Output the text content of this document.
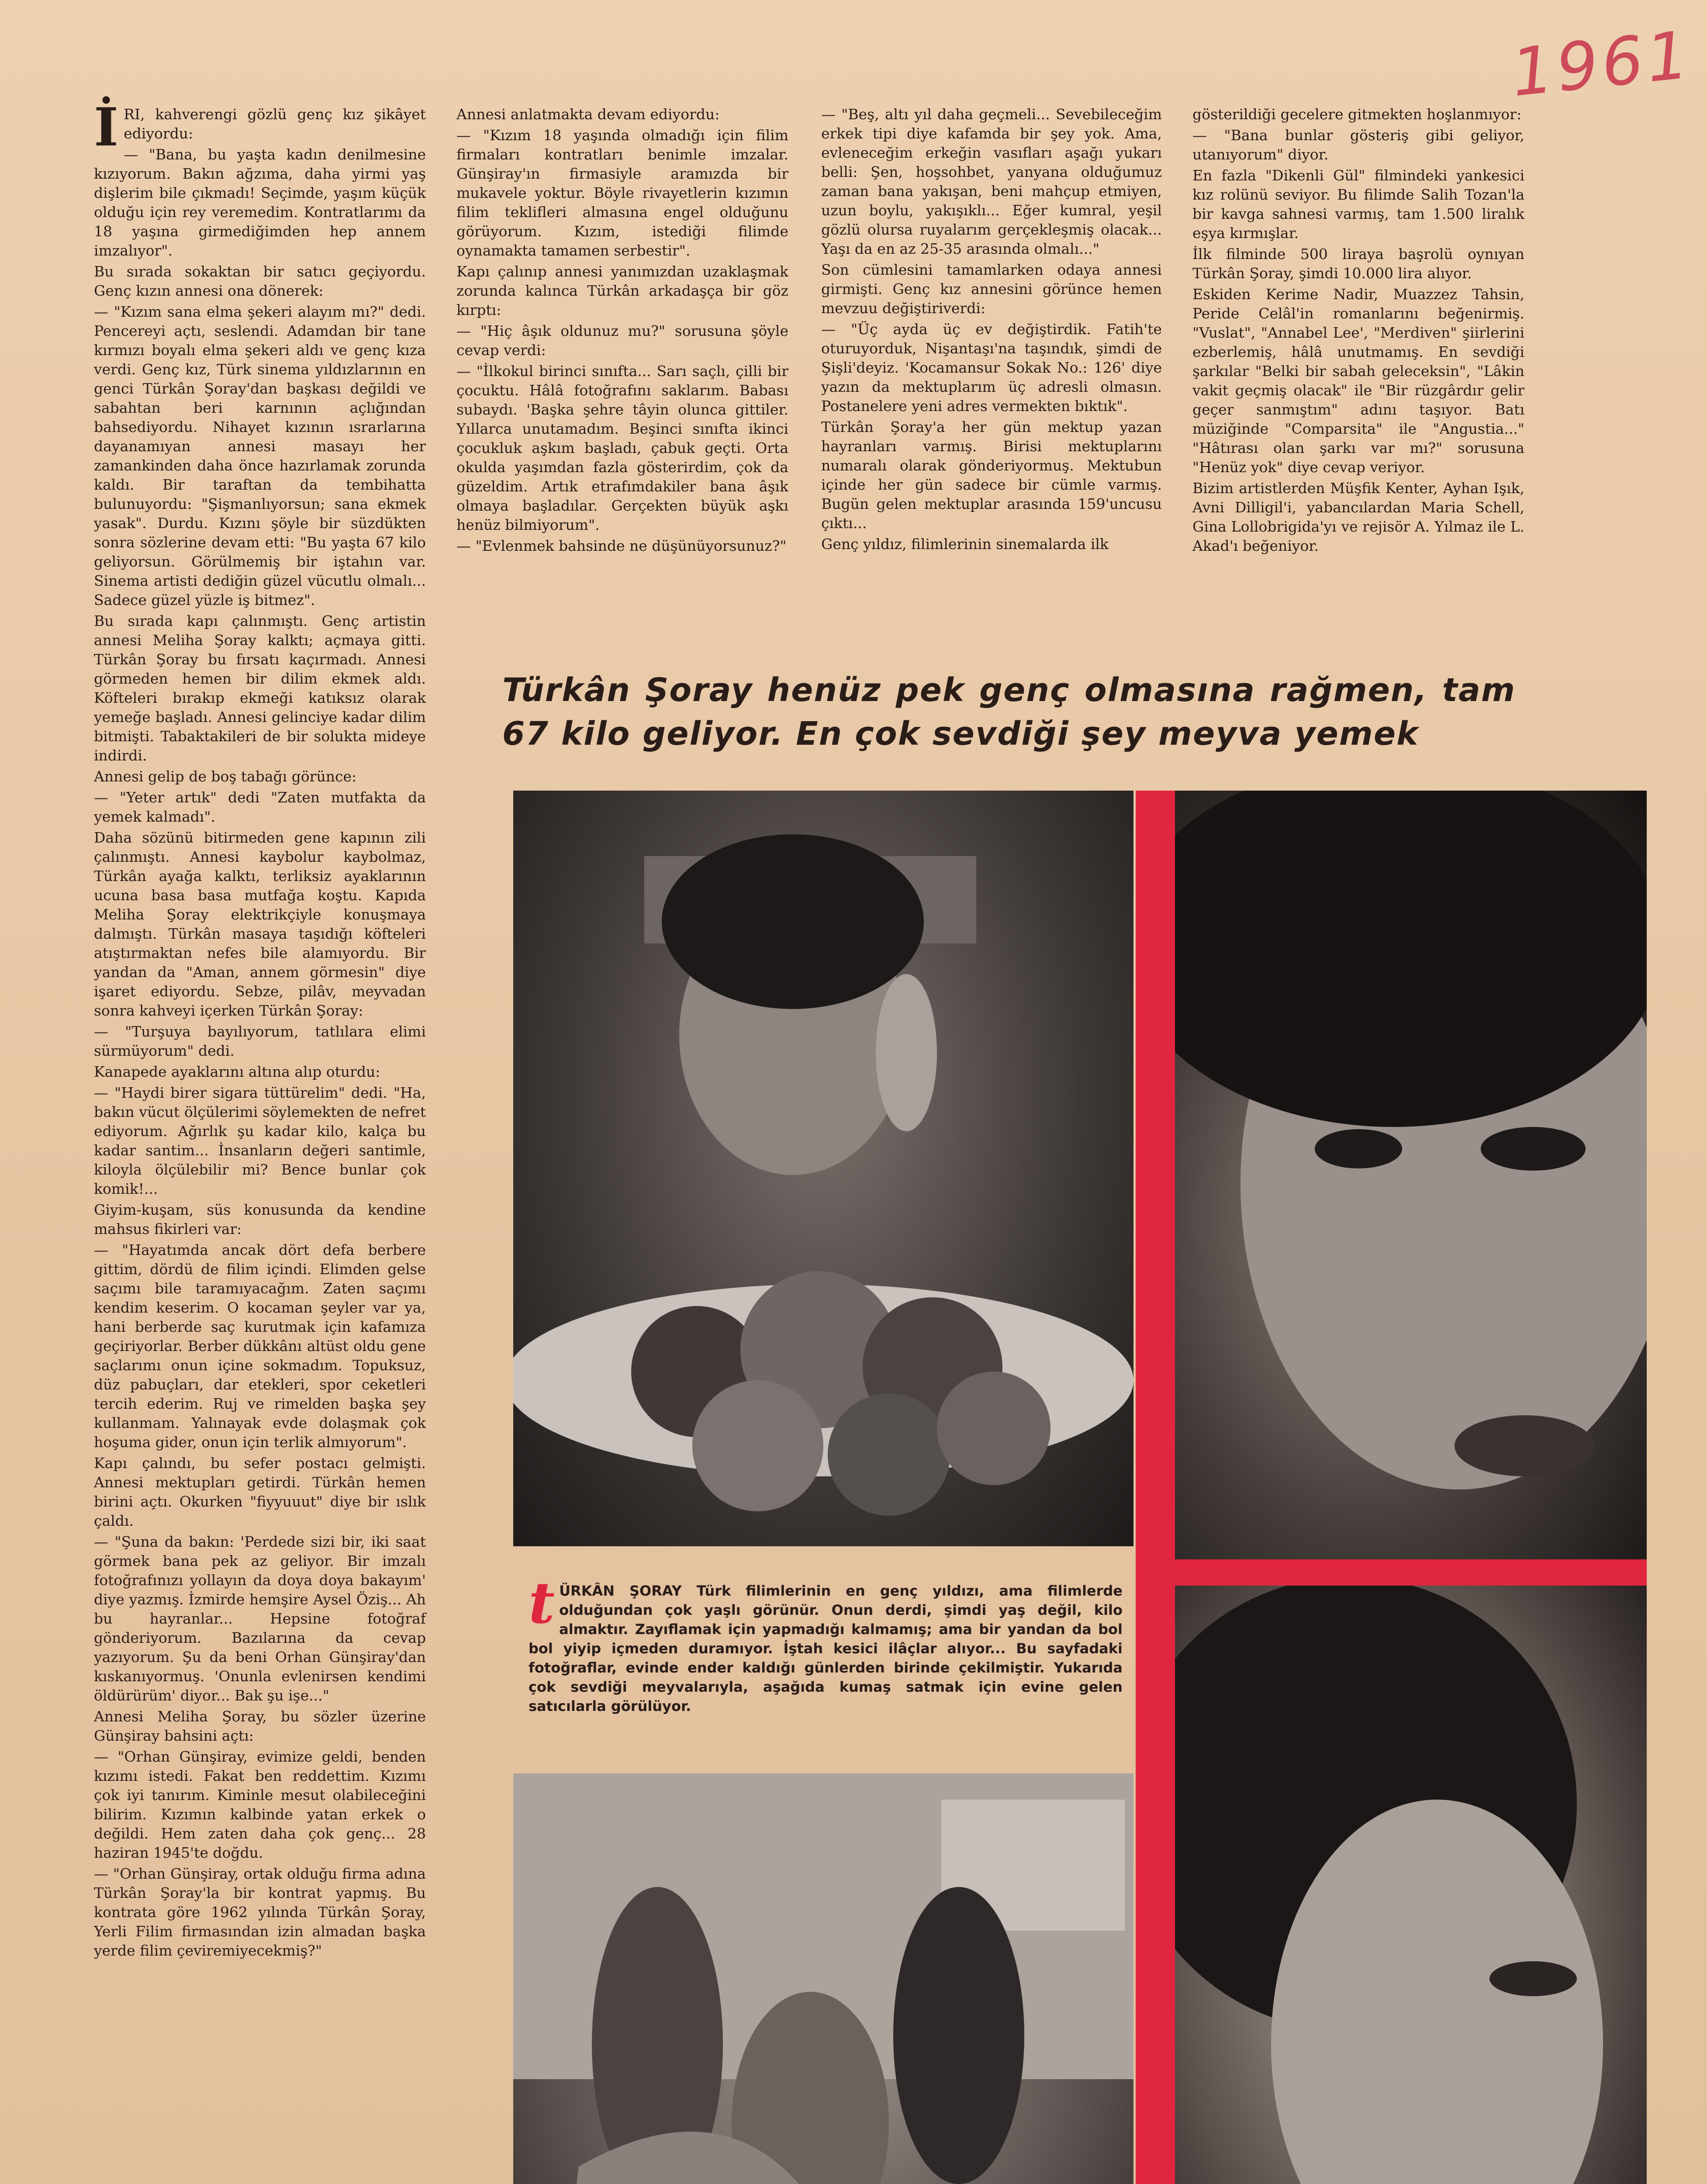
1961
İ RI, kahverengi gözlü genç kız şikâyet ediyordu:

— "Bana, bu yaşta kadın denilmesine kızıyorum. Bakın ağzıma, daha yirmi yaş dişlerim bile çıkmadı! Seçimde, yaşım küçük olduğu için rey veremedim. Kontratlarımı da 18 yaşına girmediğimden hep annem imzalıyor".

Bu sırada sokaktan bir satıcı geçiyordu. Genç kızın annesi ona dönerek:

— "Kızım sana elma şekeri alayım mı?" dedi. Pencereyi açtı, seslendi. Adamdan bir tane kırmızı boyalı elma şekeri aldı ve genç kıza verdi. Genç kız, Türk sinema yıldızlarının en genci Türkân Şoray'dan başkası değildi ve sabahtan beri karnının açlığından bahsediyordu. Nihayet kızının ısrarlarına dayanamıyan annesi masayı her zamankinden daha önce hazırlamak zorunda kaldı. Bir taraftan da tembihatta bulunuyordu: "Şişmanlıyorsun; sana ekmek yasak". Durdu. Kızını şöyle bir süzdükten sonra sözlerine devam etti: "Bu yaşta 67 kilo geliyorsun. Görülmemiş bir iştahın var. Sinema artisti dediğin güzel vücutlu olmalı... Sadece güzel yüzle iş bitmez".

Bu sırada kapı çalınmıştı. Genç artistin annesi Meliha Şoray kalktı; açmaya gitti. Türkân Şoray bu fırsatı kaçırmadı. Annesi görmeden hemen bir dilim ekmek aldı. Köfteleri bırakıp ekmeği katıksız olarak yemeğe başladı. Annesi gelinciye kadar dilim bitmişti. Tabaktakileri de bir solukta mideye indirdi.

Annesi gelip de boş tabağı görünce:

— "Yeter artık" dedi "Zaten mutfakta da yemek kalmadı".

Daha sözünü bitirmeden gene kapının zili çalınmıştı. Annesi kaybolur kaybolmaz, Türkân ayağa kalktı, terliksiz ayaklarının ucuna basa basa mutfağa koştu. Kapıda Meliha Şoray elektrikçiyle konuşmaya dalmıştı. Türkân masaya taşıdığı köfteleri atıştırmaktan nefes bile alamıyordu. Bir yandan da "Aman, annem görmesin" diye işaret ediyordu. Sebze, pilâv, meyvadan sonra kahveyi içerken Türkân Şoray:

— "Turşuya bayılıyorum, tatlılara elimi sürmüyorum" dedi.

Kanapede ayaklarını altına alıp oturdu:

— "Haydi birer sigara tüttürelim" dedi. "Ha, bakın vücut ölçülerimi söylemekten de nefret ediyorum. Ağırlık şu kadar kilo, kalça bu kadar santim... İnsanların değeri santimle, kiloyla ölçülebilir mi? Bence bunlar çok komik!...

Giyim-kuşam, süs konusunda da kendine mahsus fikirleri var:

— "Hayatımda ancak dört defa berbere gittim, dördü de filim içindi. Elimden gelse saçımı bile taramıyacağım. Zaten saçımı kendim keserim. O kocaman şeyler var ya, hani berberde saç kurutmak için kafamıza geçiriyorlar. Berber dükkânı altüst oldu gene saçlarımı onun içine sokmadım. Topuksuz, düz pabuçları, dar etekleri, spor ceketleri tercih ederim. Ruj ve rimelden başka şey kullanmam. Yalınayak evde dolaşmak çok hoşuma gider, onun için terlik almıyorum".

Kapı çalındı, bu sefer postacı gelmişti. Annesi mektupları getirdi. Türkân hemen birini açtı. Okurken "fiyyuuut" diye bir ıslık çaldı.

— "Şuna da bakın: 'Perdede sizi bir, iki saat görmek bana pek az geliyor. Bir imzalı fotoğrafınızı yollayın da doya doya bakayım' diye yazmış. İzmirde hemşire Aysel Öziş... Ah bu hayranlar... Hepsine fotoğraf gönderiyorum. Bazılarına da cevap yazıyorum. Şu da beni Orhan Günşiray'dan kıskanıyormuş. 'Onunla evlenirsen kendimi öldürürüm' diyor... Bak şu işe..."

Annesi Meliha Şoray, bu sözler üzerine Günşiray bahsini açtı:

— "Orhan Günşiray, evimize geldi, benden kızımı istedi. Fakat ben reddettim. Kızımı çok iyi tanırım. Kiminle mesut olabileceğini bilirim. Kızımın kalbinde yatan erkek o değildi. Hem zaten daha çok genç... 28 haziran 1945'te doğdu.

— "Orhan Günşiray, ortak olduğu firma adına Türkân Şoray'la bir kontrat yapmış. Bu kontrata göre 1962 yılında Türkân Şoray, Yerli Filim firmasından izin almadan başka yerde filim çeviremiyecekmiş?"

Annesi anlatmakta devam ediyordu:

— "Kızım 18 yaşında olmadığı için filim firmaları kontratları benimle imzalar. Günşiray'ın firmasiyle aramızda bir mukavele yoktur. Böyle rivayetlerin kızımın filim teklifleri almasına engel olduğunu görüyorum. Kızım, istediği filimde oynamakta tamamen serbestir".

Kapı çalınıp annesi yanımızdan uzaklaşmak zorunda kalınca Türkân arkadaşça bir göz kırptı:

— "Hiç âşık oldunuz mu?" sorusuna şöyle cevap verdi:

— "İlkokul birinci sınıfta... Sarı saçlı, çilli bir çocuktu. Hâlâ fotoğrafını saklarım. Babası subaydı. 'Başka şehre tâyin olunca gittiler. Yıllarca unutamadım. Beşinci sınıfta ikinci çocukluk aşkım başladı, çabuk geçti. Orta okulda yaşımdan fazla gösterirdim, çok da güzeldim. Artık etrafımdakiler bana âşık olmaya başladılar. Gerçekten büyük aşkı henüz bilmiyorum".

— "Evlenmek bahsinde ne düşünüyorsunuz?"

— "Beş, altı yıl daha geçmeli... Sevebileceğim erkek tipi diye kafamda bir şey yok. Ama, evleneceğim erkeğin vasıfları aşağı yukarı belli: Şen, hoşsohbet, yanyana olduğumuz zaman bana yakışan, beni mahçup etmiyen, uzun boylu, yakışıklı... Eğer kumral, yeşil gözlü olursa ruyalarım gerçekleşmiş olacak... Yaşı da en az 25-35 arasında olmalı..."

Son cümlesini tamamlarken odaya annesi girmişti. Genç kız annesini görünce hemen mevzuu değiştiriverdi:

— "Üç ayda üç ev değiştirdik. Fatih'te oturuyorduk, Nişantaşı'na taşındık, şimdi de Şişli'deyiz. 'Kocamansur Sokak No.: 126' diye yazın da mektuplarım üç adresli olmasın. Postanelere yeni adres vermekten bıktık".

Türkân Şoray'a her gün mektup yazan hayranları varmış. Birisi mektuplarını numaralı olarak gönderiyormuş. Mektubun içinde her gün sadece bir cümle varmış. Bugün gelen mektuplar arasında 159'uncusu çıktı...

Genç yıldız, filimlerinin sinemalarda ilk

gösterildiği gecelere gitmekten hoşlanmıyor:

— "Bana bunlar gösteriş gibi geliyor, utanıyorum" diyor.

En fazla "Dikenli Gül" filmindeki yankesici kız rolünü seviyor. Bu filimde Salih Tozan'la bir kavga sahnesi varmış, tam 1.500 liralık eşya kırmışlar.

İlk filminde 500 liraya başrolü oynıyan Türkân Şoray, şimdi 10.000 lira alıyor.

Eskiden Kerime Nadir, Muazzez Tahsin, Peride Celâl'in romanlarını beğenirmiş. "Vuslat", "Annabel Lee', "Merdiven" şiirlerini ezberlemiş, hâlâ unutmamış. En sevdiği şarkılar "Belki bir sabah geleceksin", "Lâkin vakit geçmiş olacak" ile "Bir rüzgârdır gelir geçer sanmıştım" adını taşıyor. Batı müziğinde "Comparsita" ile "Angustia..." "Hâtırası olan şarkı var mı?" sorusuna "Henüz yok" diye cevap veriyor.

Bizim artistlerden Müşfik Kenter, Ayhan Işık, Avni Dilligil'i, yabancılardan Maria Schell, Gina Lollobrigida'yı ve rejisör A. Yılmaz ile L. Akad'ı beğeniyor.

Türkân Şoray henüz pek genç olmasına rağmen, tam 67 kilo geliyor. En çok sevdiği şey meyva yemek
t ÜRKÂN ŞORAY Türk filimlerinin en genç yıldızı, ama filimlerde olduğundan çok yaşlı görünür. Onun derdi, şimdi yaş değil, kilo almaktır. Zayıflamak için yapmadığı kalmamış; ama bir yandan da bol bol yiyip içmeden duramıyor. İştah kesici ilâçlar alıyor... Bu sayfadaki fotoğraflar, evinde ender kaldığı günlerden birinde çekilmiştir. Yukarıda çok sevdiği meyvalarıyla, aşağıda kumaş satmak için evine gelen satıcılarla görülüyor.
